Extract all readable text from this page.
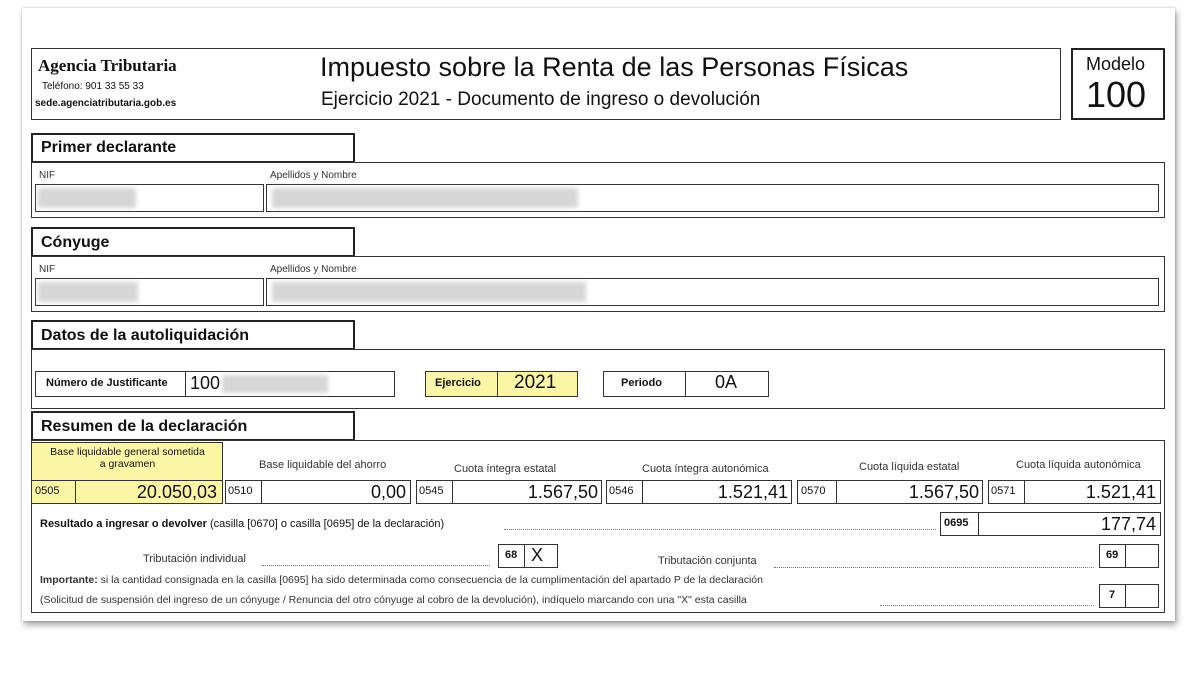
Agencia Tributaria
Teléfono: 901 33 55 33
sede.agenciatributaria.gob.es
Impuesto sobre la Renta de las Personas Físicas
Ejercicio 2021 - Documento de ingreso o devolución
Modelo
100
Primer declarante
NIF	Apellidos y Nombre
Cónyuge
NIF	Apellidos y Nombre
Datos de la autoliquidación
Número de Justificante 100	Ejercicio 2021	Periodo	0A
Resumen de la declaración
Base liquidable general sometida a gravamen
0505	20.050,03
Base liquidable del ahorro
0510	0,00
Cuota íntegra estatal
0545	1.567,50
Cuota íntegra autonómica
0546	1.521,41
Cuota líquida estatal
0570	1.567,50
Cuota líquida autonómica
0571	1.521,41
Resultado a ingresar o devolver (casilla [0670] o casilla [0695] de la declaración)	0695	177,74
Tributación individual	68 X	Tributación conjunta	69
Importante: si la cantidad consignada en la casilla [0695] ha sido determinada como consecuencia de la cumplimentación del apartado P de la declaración
(Solicitud de suspensión del ingreso de un cónyuge / Renuncia del otro cónyuge al cobro de la devolución), indíquelo marcando con una "X" esta casilla	7
